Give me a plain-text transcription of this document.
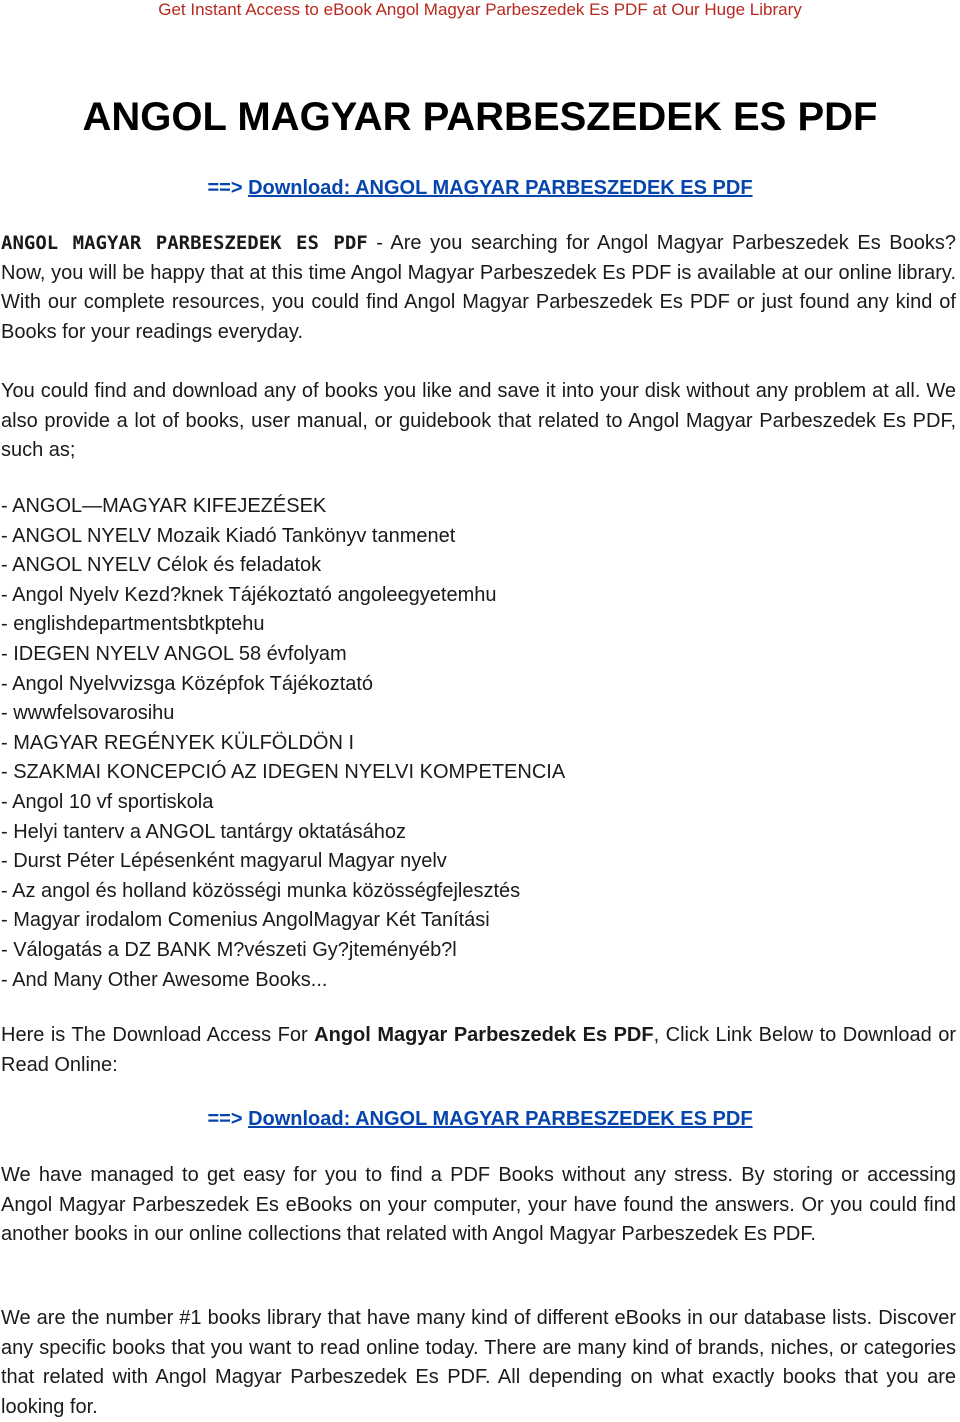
Get Instant Access to eBook Angol Magyar Parbeszedek Es PDF at Our Huge Library
ANGOL MAGYAR PARBESZEDEK ES PDF
==> Download: ANGOL MAGYAR PARBESZEDEK ES PDF
ANGOL MAGYAR PARBESZEDEK ES PDF - Are you searching for Angol Magyar Parbeszedek Es Books? Now, you will be happy that at this time Angol Magyar Parbeszedek Es PDF is available at our online library. With our complete resources, you could find Angol Magyar Parbeszedek Es PDF or just found any kind of Books for your readings everyday.
You could find and download any of books you like and save it into your disk without any problem at all. We also provide a lot of books, user manual, or guidebook that related to Angol Magyar Parbeszedek Es PDF, such as;
- ANGOL—MAGYAR KIFEJEZÉSEK
- ANGOL NYELV Mozaik Kiadó Tankönyv tanmenet
- ANGOL NYELV Célok és feladatok
- Angol Nyelv Kezd?knek Tájékoztató angoleegyetemhu
- englishdepartmentsbtkptehu
- IDEGEN NYELV ANGOL 58 évfolyam
- Angol Nyelvvizsga Középfok Tájékoztató
- wwwfelsovarosihu
- MAGYAR REGÉNYEK KÜLFÖLDÖN I
- SZAKMAI KONCEPCIÓ AZ IDEGEN NYELVI KOMPETENCIA
- Angol 10 vf sportiskola
- Helyi tanterv a ANGOL tantárgy oktatásához
- Durst Péter Lépésenként magyarul Magyar nyelv
- Az angol és holland közösségi munka közösségfejlesztés
- Magyar irodalom Comenius AngolMagyar Két Tanítási
- Válogatás a DZ BANK M?vészeti Gy?jteményéb?l
- And Many Other Awesome Books...
Here is The Download Access For Angol Magyar Parbeszedek Es PDF, Click Link Below to Download or Read Online:
==> Download: ANGOL MAGYAR PARBESZEDEK ES PDF
We have managed to get easy for you to find a PDF Books without any stress. By storing or accessing Angol Magyar Parbeszedek Es eBooks on your computer, your have found the answers. Or you could find another books in our online collections that related with Angol Magyar Parbeszedek Es PDF.
We are the number #1 books library that have many kind of different eBooks in our database lists. Discover any specific books that you want to read online today. There are many kind of brands, niches, or categories that related with Angol Magyar Parbeszedek Es PDF. All depending on what exactly books that you are looking for.
